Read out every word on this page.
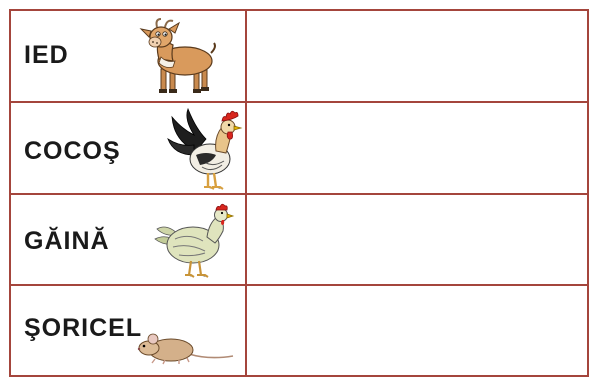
IED
COCOŞ
GĂINĂ
ŞORICEL
